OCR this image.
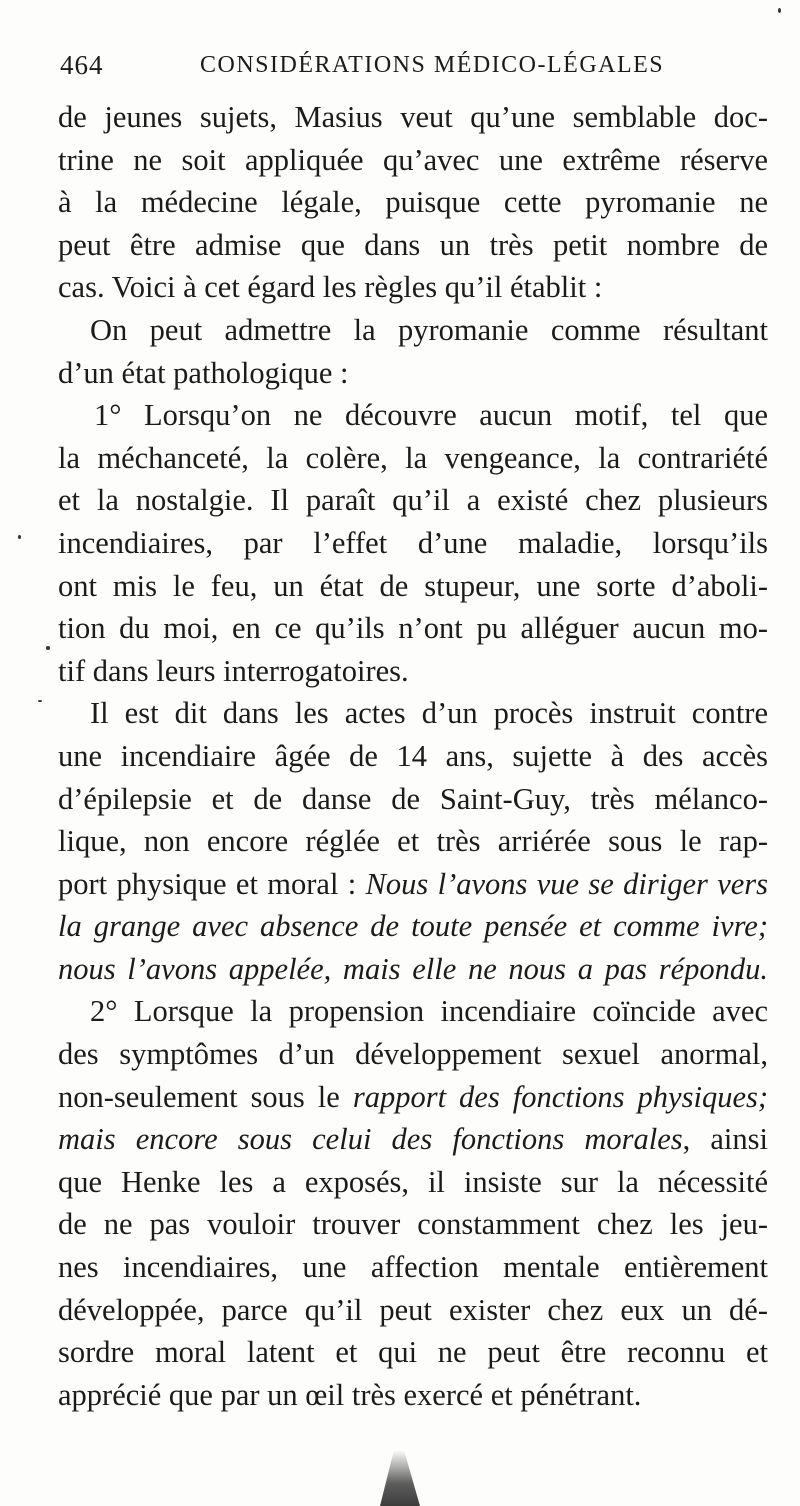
464	CONSIDÉRATIONS MÉDICO-LÉGALES
de jeunes sujets, Masius veut qu’une semblable doc-
trine ne soit appliquée qu’avec une extrême réserve
à la médecine légale, puisque cette pyromanie ne
peut être admise que dans un très petit nombre de
cas. Voici à cet égard les règles qu’il établit :
On peut admettre la pyromanie comme résultant
d’un état pathologique :
1° Lorsqu’on ne découvre aucun motif, tel que
la méchanceté, la colère, la vengeance, la contrariété
et la nostalgie. Il paraît qu’il a existé chez plusieurs
incendiaires, par l’effet d’une maladie, lorsqu’ils
ont mis le feu, un état de stupeur, une sorte d’aboli-
tion du moi, en ce qu’ils n’ont pu alléguer aucun mo-
tif dans leurs interrogatoires.
Il est dit dans les actes d’un procès instruit contre
une incendiaire âgée de 14 ans, sujette à des accès
d’épilepsie et de danse de Saint-Guy, très mélanco-
lique, non encore réglée et très arriérée sous le rap-
port physique et moral : Nous l’avons vue se diriger vers
la grange avec absence de toute pensée et comme ivre;
nous l’avons appelée, mais elle ne nous a pas répondu.
2° Lorsque la propension incendiaire coïncide avec
des symptômes d’un développement sexuel anormal,
non-seulement sous le rapport des fonctions physiques;
mais encore sous celui des fonctions morales, ainsi
que Henke les a exposés, il insiste sur la nécessité
de ne pas vouloir trouver constamment chez les jeu-
nes incendiaires, une affection mentale entièrement
développée, parce qu’il peut exister chez eux un dé-
sordre moral latent et qui ne peut être reconnu et
apprécié que par un œil très exercé et pénétrant.
